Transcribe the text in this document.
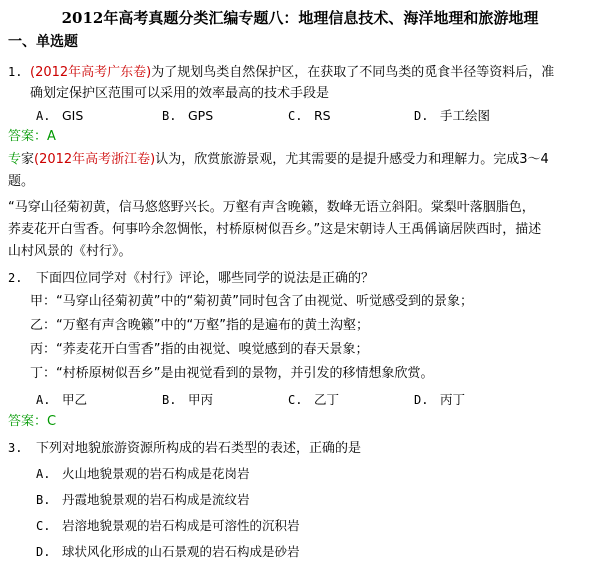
2012年高考真题分类汇编专题八：地理信息技术、海洋地理和旅游地理
一、单选题
1. (2012年高考广东卷)为了规划鸟类自然保护区，在获取了不同鸟类的觅食半径等资料后，准
确划定保护区范围可以采用的效率最高的技术手段是
A. GIS	B. GPS	C. RS	D. 手工绘图
答案：A
专家(2012年高考浙江卷)认为，欣赏旅游景观，尤其需要的是提升感受力和理解力。完成3～4
题。
“马穿山径菊初黄，信马悠悠野兴长。万壑有声含晚籁，数峰无语立斜阳。棠梨叶落胭脂色，
荞麦花开白雪香。何事吟余忽惆怅，村桥原树似吾乡。”这是宋朝诗人王禹偁谪居陕西时，描述
山村风景的《村行》。
2. 下面四位同学对《村行》评论，哪些同学的说法是正确的？
甲：“马穿山径菊初黄”中的“菊初黄”同时包含了由视觉、听觉感受到的景象；
乙：“万壑有声含晚籁”中的“万壑”指的是遍布的黄土沟壑；
丙：“荞麦花开白雪香”指的由视觉、嗅觉感到的春天景象；
丁：“村桥原树似吾乡”是由视觉看到的景物，并引发的移情想象欣赏。
A. 甲乙	B. 甲丙	C. 乙丁	D. 丙丁
答案：C
3. 下列对地貌旅游资源所构成的岩石类型的表述，正确的是
A. 火山地貌景观的岩石构成是花岗岩
B. 丹霞地貌景观的岩石构成是流纹岩
C. 岩溶地貌景观的岩石构成是可溶性的沉积岩
D. 球状风化形成的山石景观的岩石构成是砂岩
